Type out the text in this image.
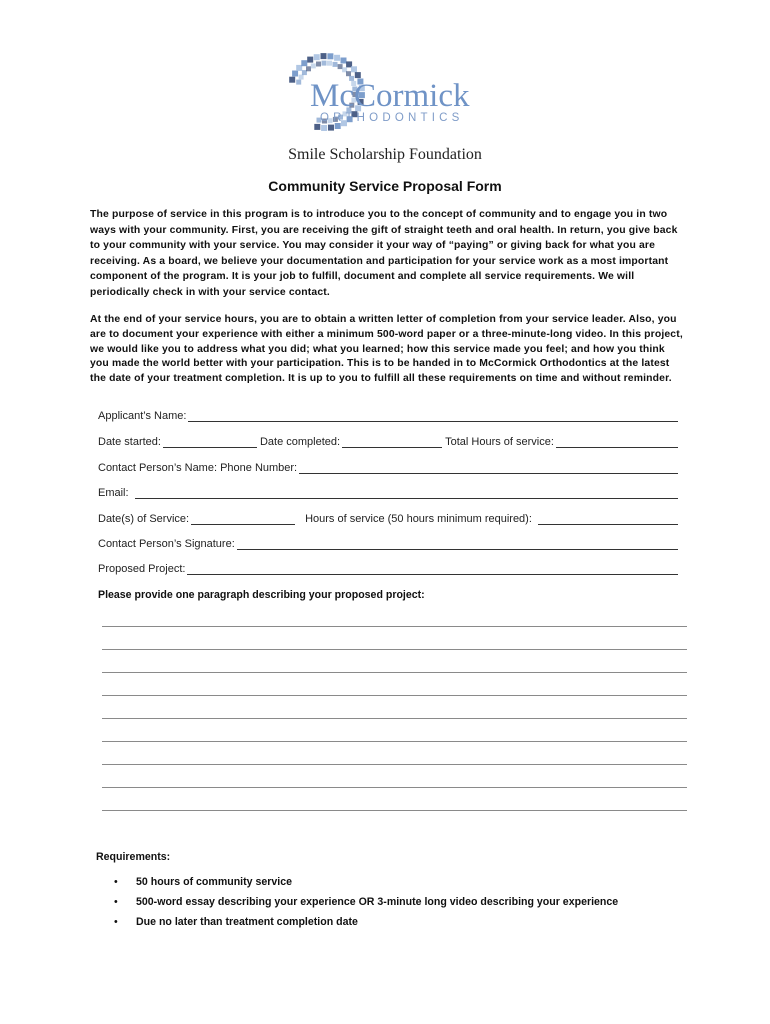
McCormick
ORTHODONTICS
Smile Scholarship Foundation
Community Service Proposal Form

The purpose of service in this program is to introduce you to the concept of community and to engage you in two ways with your community. First, you are receiving the gift of straight teeth and oral health. In return, you give back to your community with your service. You may consider it your way of “paying” or giving back for what you are receiving. As a board, we believe your documentation and participation for your service work as a most important component of the program. It is your job to fulfill, document and complete all service requirements. We will periodically check in with your service contact.

At the end of your service hours, you are to obtain a written letter of completion from your service leader. Also, you are to document your experience with either a minimum 500-word paper or a three-minute-long video. In this project, we would like you to address what you did; what you learned; how this service made you feel; and how you think you made the world better with your participation. This is to be handed in to McCormick Orthodontics at the latest the date of your treatment completion. It is up to you to fulfill all these requirements on time and without reminder.

Applicant’s Name:
Date started:	Date completed:	Total Hours of service:
Contact Person’s Name: Phone Number:
Email:
Date(s) of Service:	Hours of service (50 hours minimum required):
Contact Person’s Signature:
Proposed Project:
Please provide one paragraph describing your proposed project:
Requirements:
•	50 hours of community service
•	500-word essay describing your experience OR 3-minute long video describing your experience
•	Due no later than treatment completion date
